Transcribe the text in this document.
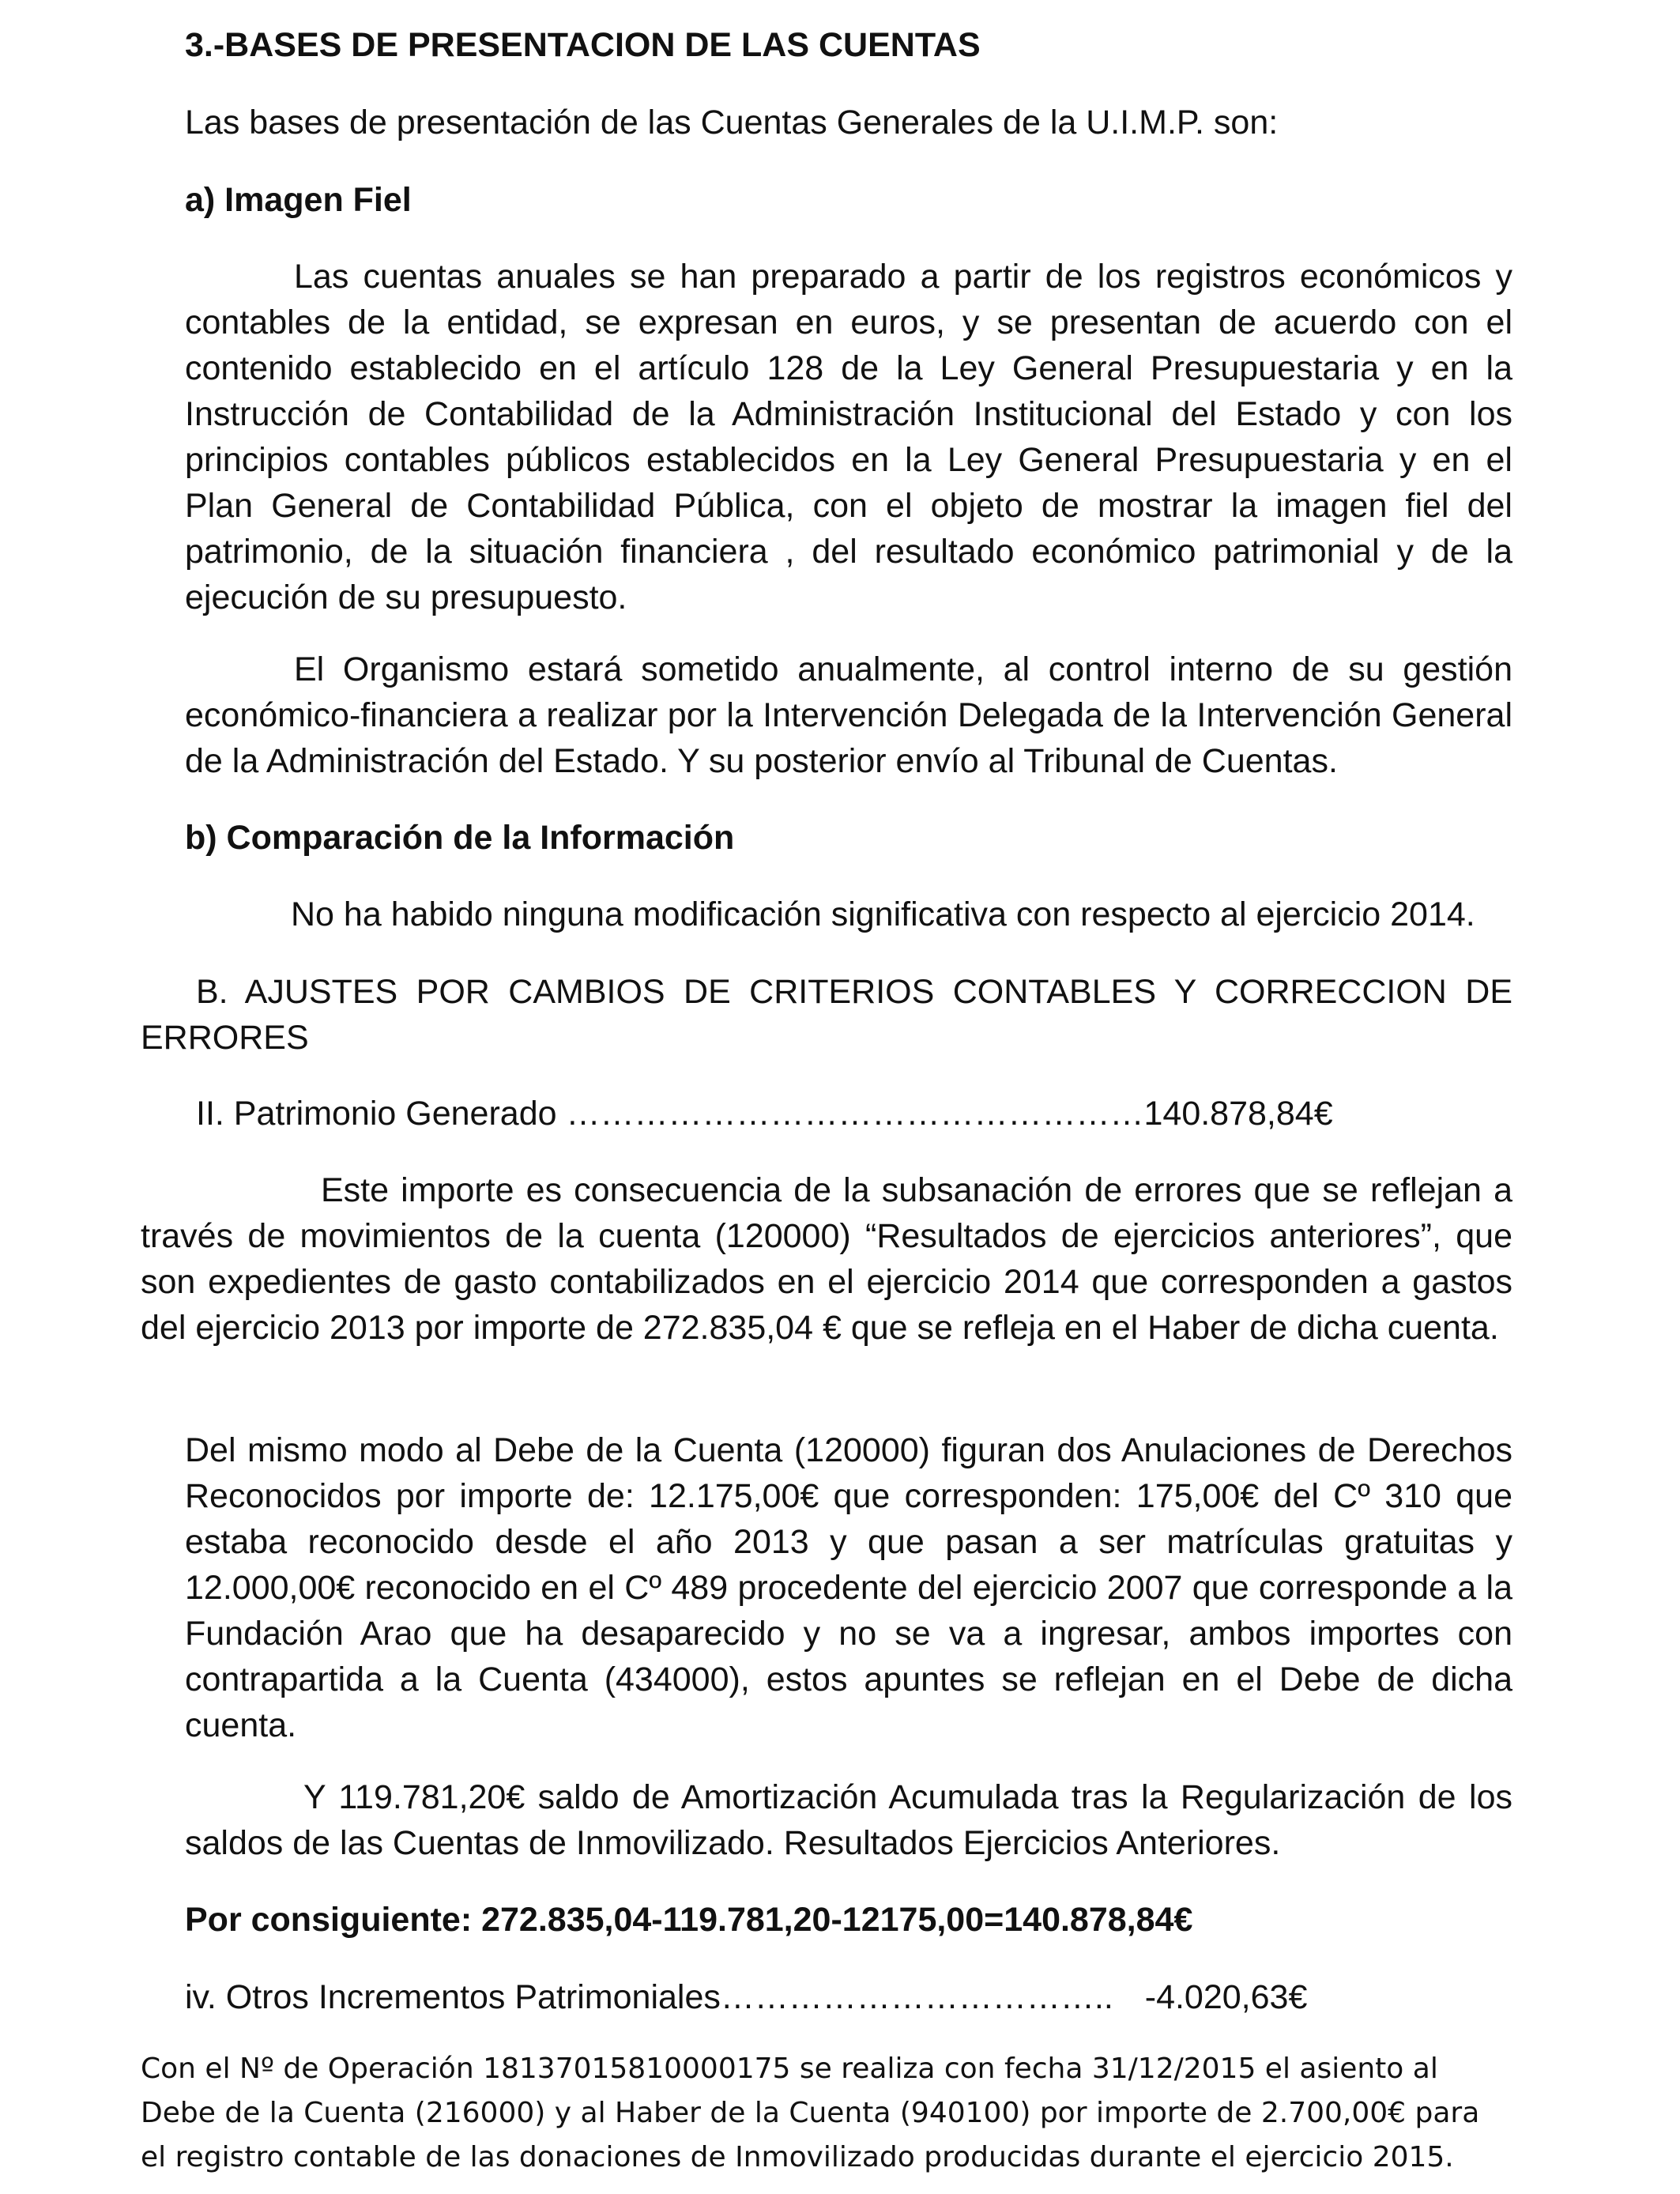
3.-BASES DE PRESENTACION DE LAS CUENTAS
Las bases de presentación de las Cuentas Generales de la U.I.M.P. son:
a) Imagen Fiel
Las cuentas anuales se han preparado a partir de los registros económicos y contables de la entidad, se expresan en euros, y se presentan de acuerdo con el contenido establecido en el artículo 128 de la Ley General Presupuestaria y en la Instrucción de Contabilidad de la Administración Institucional del Estado y con los principios contables públicos establecidos en la Ley General Presupuestaria y en el Plan General de Contabilidad Pública, con el objeto de mostrar la imagen fiel del patrimonio, de la situación financiera , del resultado económico patrimonial y de la ejecución de su presupuesto.
El Organismo estará sometido anualmente, al control interno de su gestión económico-financiera a realizar por la Intervención Delegada de la Intervención General de la Administración del Estado. Y su posterior envío al Tribunal de Cuentas.
b) Comparación de la Información
No ha habido ninguna modificación significativa con respecto al ejercicio 2014.
B. AJUSTES POR CAMBIOS DE CRITERIOS CONTABLES Y CORRECCION DE ERRORES
II. Patrimonio Generado ……………………………………………140.878,84€
Este importe es consecuencia de la subsanación de errores que se reflejan a través de movimientos de la cuenta (120000) “Resultados de ejercicios anteriores”, que son expedientes de gasto contabilizados en el ejercicio 2014 que corresponden a gastos del ejercicio 2013 por importe de 272.835,04 € que se refleja en el Haber de dicha cuenta.
Del mismo modo al Debe de la Cuenta (120000) figuran dos Anulaciones de Derechos Reconocidos por importe de: 12.175,00€ que corresponden: 175,00€ del Cº 310 que estaba reconocido desde el año 2013 y que pasan a ser matrículas gratuitas y 12.000,00€ reconocido en el Cº 489 procedente del ejercicio 2007 que corresponde a la Fundación Arao que ha desaparecido y no se va a ingresar, ambos importes con contrapartida a la Cuenta (434000), estos apuntes se reflejan en el Debe de dicha cuenta.
Y 119.781,20€ saldo de Amortización Acumulada tras la Regularización de los saldos de las Cuentas de Inmovilizado. Resultados Ejercicios Anteriores.
Por consiguiente: 272.835,04-119.781,20-12175,00=140.878,84€
iv. Otros Incrementos Patrimoniales…………………………….. -4.020,63€
Con el Nº de Operación 18137015810000175 se realiza con fecha 31/12/2015 el asiento al Debe de la Cuenta (216000) y al Haber de la Cuenta (940100) por importe de 2.700,00€ para el registro contable de las donaciones de Inmovilizado producidas durante el ejercicio 2015.
